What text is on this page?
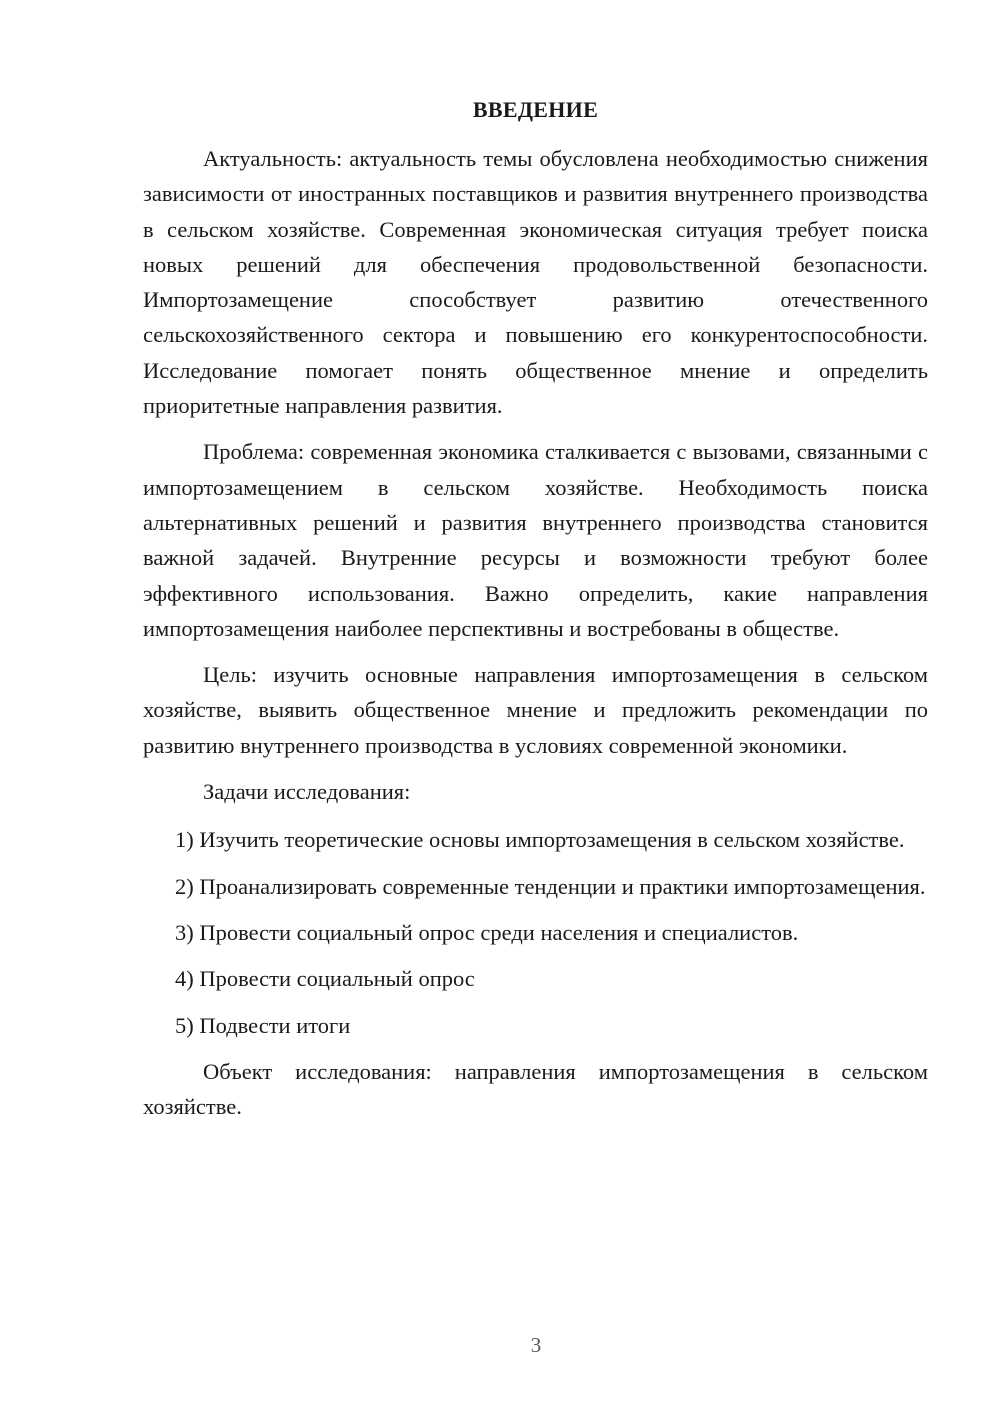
ВВЕДЕНИЕ

Актуальность: актуальность темы обусловлена необходимостью снижения зависимости от иностранных поставщиков и развития внутреннего производства в сельском хозяйстве. Современная экономическая ситуация требует поиска новых решений для обеспечения продовольственной безопасности. Импортозамещение способствует развитию отечественного сельскохозяйственного сектора и повышению его конкурентоспособности. Исследование помогает понять общественное мнение и определить приоритетные направления развития.

Проблема: современная экономика сталкивается с вызовами, связанными с импортозамещением в сельском хозяйстве. Необходимость поиска альтернативных решений и развития внутреннего производства становится важной задачей. Внутренние ресурсы и возможности требуют более эффективного использования. Важно определить, какие направления импортозамещения наиболее перспективны и востребованы в обществе.

Цель: изучить основные направления импортозамещения в сельском хозяйстве, выявить общественное мнение и предложить рекомендации по развитию внутреннего производства в условиях современной экономики.

Задачи исследования:

1) Изучить теоретические основы импортозамещения в сельском хозяйстве.

2) Проанализировать современные тенденции и практики импортозамещения.

3) Провести социальный опрос среди населения и специалистов.

4) Провести социальный опрос

5) Подвести итоги

Объект исследования: направления импортозамещения в сельском хозяйстве.

3
